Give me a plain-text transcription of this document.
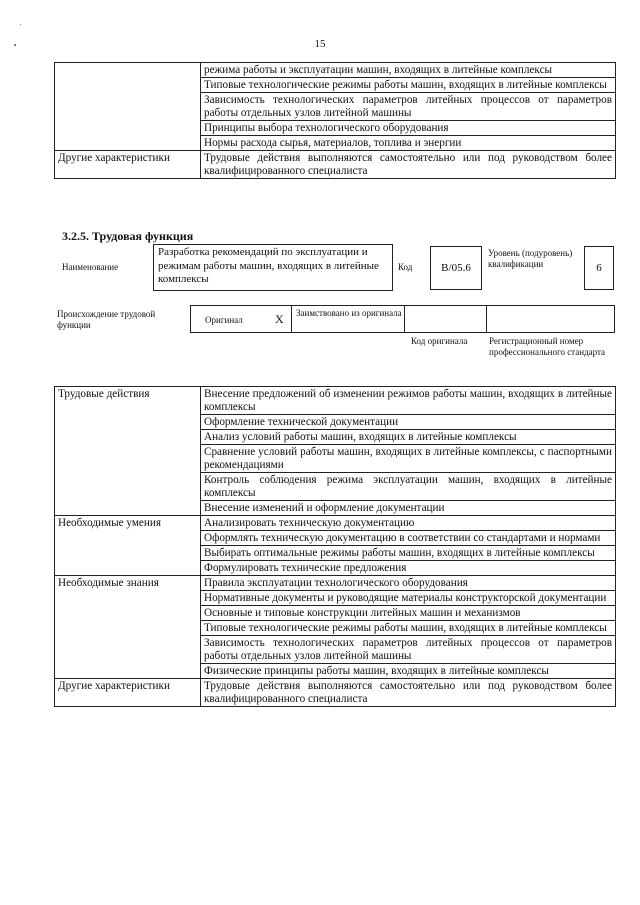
15
	режима работы и эксплуатации машин, входящих в литейные комплексы
	Типовые технологические режимы работы машин, входящих в литейные комплексы
	Зависимость технологических параметров литейных процессов от параметров работы отдельных узлов литейной машины
	Принципы выбора технологического оборудования
	Нормы расхода сырья, материалов, топлива и энергии
Другие характеристики	Трудовые действия выполняются самостоятельно или под руководством более квалифицированного специалиста
3.2.5. Трудовая функция
Наименование
Разработка рекомендаций по эксплуатации и режимам работы машин, входящих в литейные комплексы
Код	B/05.6
Уровень (подуровень) квалификации	6
Происхождение трудовой функции	Оригинал	X Заимствовано из оригинала
Код оригинала Регистрационный номер профессионального стандарта
Трудовые действия	Внесение предложений об изменении режимов работы машин, входящих в литейные комплексы
	Оформление технической документации
	Анализ условий работы машин, входящих в литейные комплексы
	Сравнение условий работы машин, входящих в литейные комплексы, с паспортными рекомендациями
	Контроль соблюдения режима эксплуатации машин, входящих в литейные комплексы
	Внесение изменений и оформление документации
Необходимые умения	Анализировать техническую документацию
	Оформлять техническую документацию в соответствии со стандартами и нормами
	Выбирать оптимальные режимы работы машин, входящих в литейные комплексы
	Формулировать технические предложения
Необходимые знания	Правила эксплуатации технологического оборудования
	Нормативные документы и руководящие материалы конструкторской документации
	Основные и типовые конструкции литейных машин и механизмов
	Типовые технологические режимы работы машин, входящих в литейные комплексы
	Зависимость технологических параметров литейных процессов от параметров работы отдельных узлов литейной машины
	Физические принципы работы машин, входящих в литейные комплексы
Другие характеристики	Трудовые действия выполняются самостоятельно или под руководством более квалифицированного специалиста
